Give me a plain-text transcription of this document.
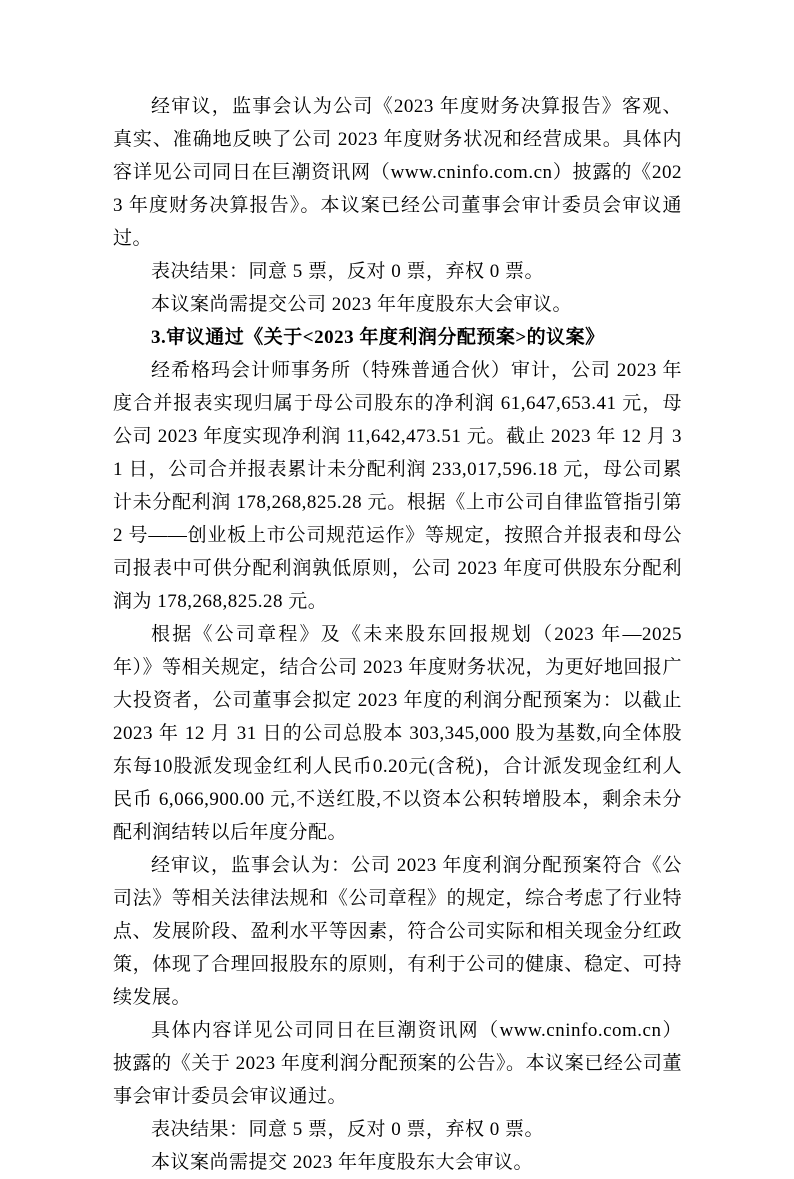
经审议，监事会认为公司《2023 年度财务决算报告》客观、真实、准确地反映了公司 2023 年度财务状况和经营成果。具体内容详见公司同日在巨潮资讯网（www.cninfo.com.cn）披露的《2023 年度财务决算报告》。本议案已经公司董事会审计委员会审议通过。

表决结果：同意 5 票，反对 0 票，弃权 0 票。

本议案尚需提交公司 2023 年年度股东大会审议。

3.审议通过《关于<2023 年度利润分配预案>的议案》

经希格玛会计师事务所（特殊普通合伙）审计，公司 2023 年度合并报表实现归属于母公司股东的净利润 61,647,653.41 元，母公司 2023 年度实现净利润 11,642,473.51 元。截止 2023 年 12 月 31 日，公司合并报表累计未分配利润 233,017,596.18 元，母公司累计未分配利润 178,268,825.28 元。根据《上市公司自律监管指引第 2 号——创业板上市公司规范运作》等规定，按照合并报表和母公司报表中可供分配利润孰低原则，公司 2023 年度可供股东分配利润为 178,268,825.28 元。

根据《公司章程》及《未来股东回报规划（2023 年—2025 年）》等相关规定，结合公司 2023 年度财务状况，为更好地回报广大投资者，公司董事会拟定 2023 年度的利润分配预案为：以截止 2023 年 12 月 31 日的公司总股本 303,345,000 股为基数,向全体股东每10股派发现金红利人民币0.20元(含税)，合计派发现金红利人民币 6,066,900.00 元,不送红股,不以资本公积转增股本，剩余未分配利润结转以后年度分配。

经审议，监事会认为：公司 2023 年度利润分配预案符合《公司法》等相关法律法规和《公司章程》的规定，综合考虑了行业特点、发展阶段、盈利水平等因素，符合公司实际和相关现金分红政策，体现了合理回报股东的原则，有利于公司的健康、稳定、可持续发展。

具体内容详见公司同日在巨潮资讯网（www.cninfo.com.cn）披露的《关于 2023 年度利润分配预案的公告》。本议案已经公司董事会审计委员会审议通过。

表决结果：同意 5 票，反对 0 票，弃权 0 票。

本议案尚需提交 2023 年年度股东大会审议。
